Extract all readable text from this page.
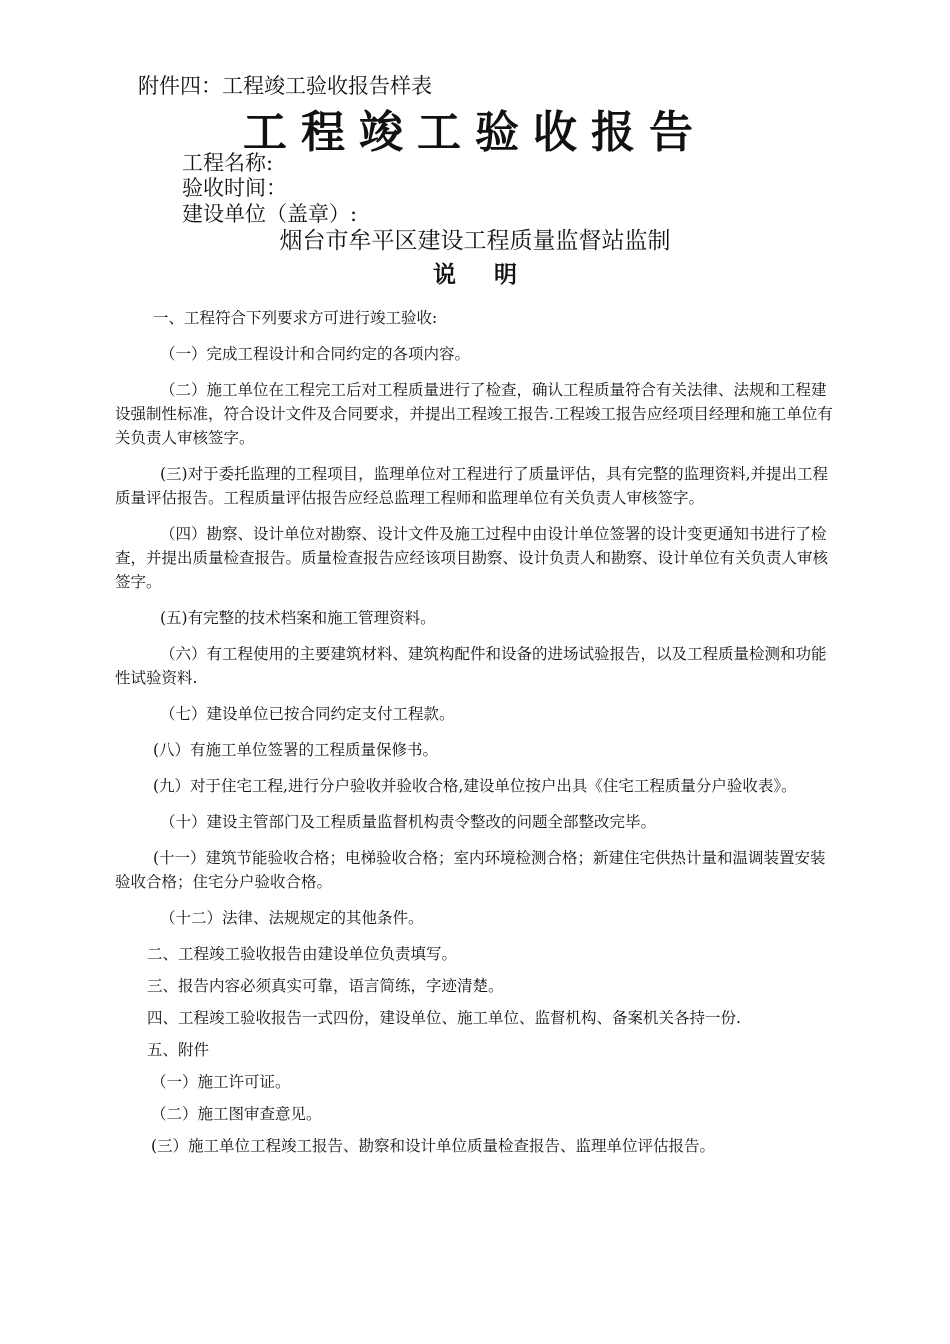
附件四：工程竣工验收报告样表
工程竣工验收报告
工程名称:
验收时间：
建设单位（盖章）:
烟台市牟平区建设工程质量监督站监制
说 明

一、工程符合下列要求方可进行竣工验收:

（一）完成工程设计和合同约定的各项内容。

（二）施工单位在工程完工后对工程质量进行了检查，确认工程质量符合有关法律、法规和工程建设强制性标准，符合设计文件及合同要求，并提出工程竣工报告.工程竣工报告应经项目经理和施工单位有关负责人审核签字。

(三)对于委托监理的工程项目，监理单位对工程进行了质量评估，具有完整的监理资料,并提出工程质量评估报告。工程质量评估报告应经总监理工程师和监理单位有关负责人审核签字。

（四）勘察、设计单位对勘察、设计文件及施工过程中由设计单位签署的设计变更通知书进行了检查，并提出质量检查报告。质量检查报告应经该项目勘察、设计负责人和勘察、设计单位有关负责人审核签字。

(五)有完整的技术档案和施工管理资料。

（六）有工程使用的主要建筑材料、建筑构配件和设备的进场试验报告，以及工程质量检测和功能性试验资料.

（七）建设单位已按合同约定支付工程款。

(八）有施工单位签署的工程质量保修书。

(九）对于住宅工程,进行分户验收并验收合格,建设单位按户出具《住宅工程质量分户验收表》。

（十）建设主管部门及工程质量监督机构责令整改的问题全部整改完毕。

(十一）建筑节能验收合格；电梯验收合格；室内环境检测合格；新建住宅供热计量和温调装置安装验收合格；住宅分户验收合格。

（十二）法律、法规规定的其他条件。

二、工程竣工验收报告由建设单位负责填写。

三、报告内容必须真实可靠，语言简练，字迹清楚。

四、工程竣工验收报告一式四份，建设单位、施工单位、监督机构、备案机关各持一份.

五、附件

（一）施工许可证。

（二）施工图审查意见。

(三）施工单位工程竣工报告、勘察和设计单位质量检查报告、监理单位评估报告。
